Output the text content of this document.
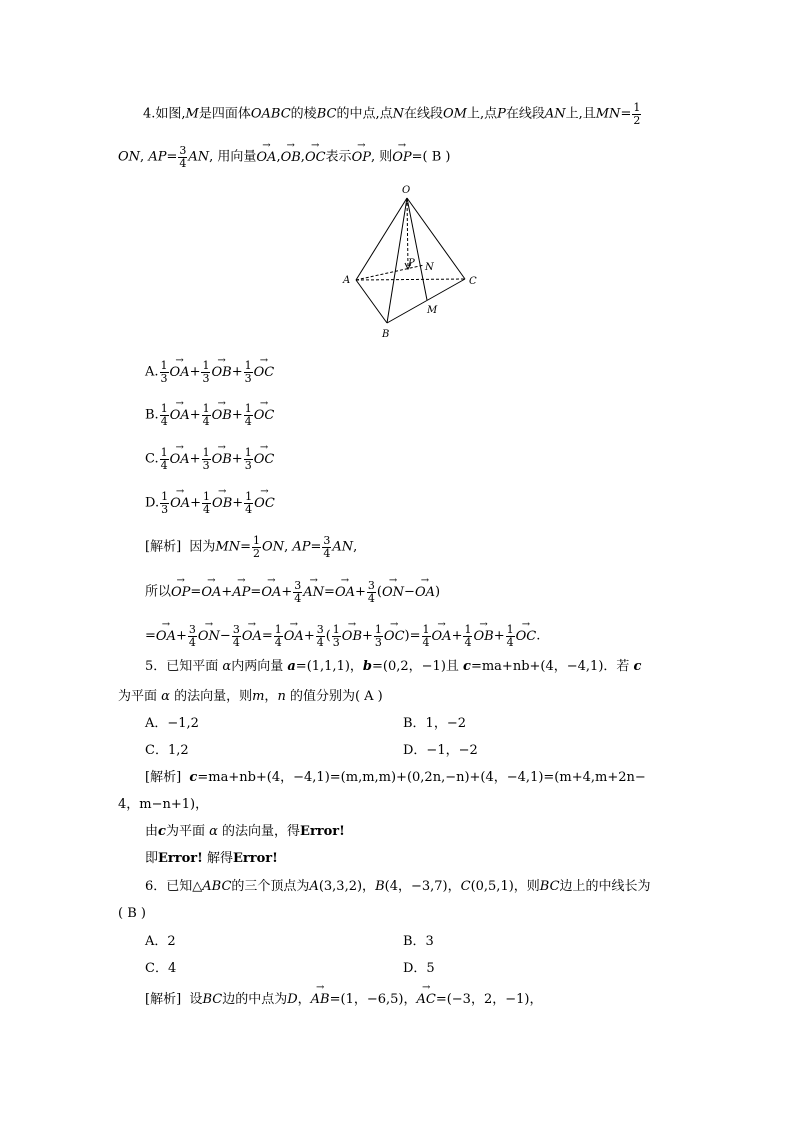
4.如图,M是四面体OABC的棱BC的中点,点N在线段OM上,点P在线段AN上,且$MN= \frac{1}{2}$
ON, $AP= \frac{3}{4}$ AN, 用向量→ OA,→ OB,→ OC表示→ OP, 则→ OP=( B )
O
A
B
C
M
N
P
A. $\frac{1}{3}$
→ $OA+ \frac{1}{3}$
→ $OB+ \frac{1}{3}$
→ OC
B. $\frac{1}{4}$
→ $OA+ \frac{1}{4}$
→ $OB+ \frac{1}{4}$
→ OC
C. $\frac{1}{4}$
→ $OA+ \frac{1}{3}$
→ $OB+ \frac{1}{3}$
→ OC
D. $\frac{1}{3}$
→ $OA+ \frac{1}{4}$
→ $OB+ \frac{1}{4}$
→ OC
[解析] 因为$MN= \frac{1}{2}$ ON, $AP= \frac{3}{4}$ AN,
所以→ $OP=\to OA+\to AP=\to OA+ \frac{3}{4}$
→ $AN=\to OA+ \frac{3}{4}$ (→ ON−→ OA)
=→ $OA+ \frac{3}{4}$
→ $ON- \frac{3}{4}$
→ $OA= \frac{1}{4}$
→ $OA+ \frac{3}{4}$ ( $\frac{1}{3}$
→ $OB+ \frac{1}{3}$
→ $OC)= \frac{1}{4}$
→ $OA+ \frac{1}{4}$
→ $OB+ \frac{1}{4}$
→ OC.
5．已知平面 α内两向量 a=(1,1,1)，b=(0,2，−1)且 c=ma+nb+(4，−4,1)．若 c
为平面 α 的法向量，则m，n 的值分别为( A )
A．−1,2	B．1，−2
C．1,2	D．−1，−2
[解析] c=ma+nb+(4，−4,1)=(m,m,m)+(0,2n,−n)+(4，−4,1)=(m+4,m+2n−
4，m−n+1)，
由c为平面 α 的法向量，得Error!
即Error! 解得Error!
6．已知△ABC的三个顶点为A(3,3,2)，B(4，−3,7)，C(0,5,1)，则BC边上的中线长为
( B )
A．2	B．3
C．4	D．5
[解析] 设BC边的中点为D，→ AB=(1，−6,5)，→ AC=(−3，2，−1)，
